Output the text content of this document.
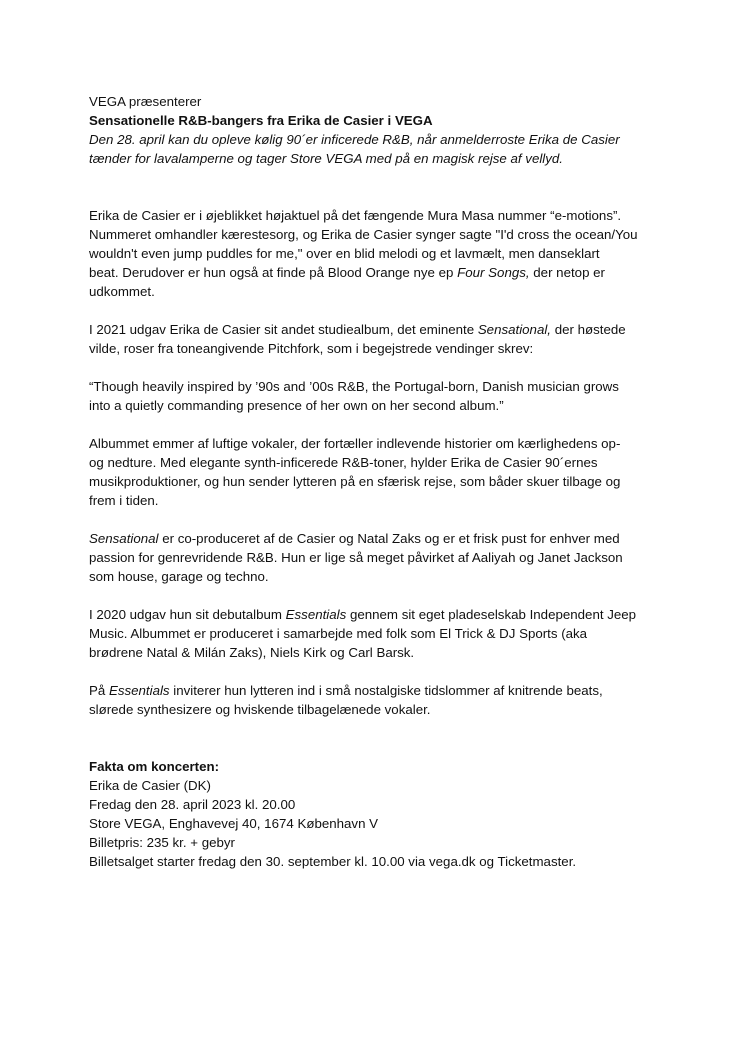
VEGA præsenterer
Sensationelle R&B-bangers fra Erika de Casier i VEGA
Den 28. april kan du opleve kølig 90´er inficerede R&B, når anmelderroste Erika de Casier
tænder for lavalamperne og tager Store VEGA med på en magisk rejse af vellyd.
Erika de Casier er i øjeblikket højaktuel på det fængende Mura Masa nummer “e-motions”.
Nummeret omhandler kærestesorg, og Erika de Casier synger sagte "I'd cross the ocean/You
wouldn't even jump puddles for me," over en blid melodi og et lavmælt, men danseklart
beat. Derudover er hun også at finde på Blood Orange nye ep Four Songs, der netop er
udkommet.
I 2021 udgav Erika de Casier sit andet studiealbum, det eminente Sensational, der høstede
vilde, roser fra toneangivende Pitchfork, som i begejstrede vendinger skrev:
“Though heavily inspired by ’90s and ’00s R&B, the Portugal-born, Danish musician grows
into a quietly commanding presence of her own on her second album.”
Albummet emmer af luftige vokaler, der fortæller indlevende historier om kærlighedens op-
og nedture. Med elegante synth-inficerede R&B-toner, hylder Erika de Casier 90´ernes
musikproduktioner, og hun sender lytteren på en sfærisk rejse, som båder skuer tilbage og
frem i tiden.
Sensational er co-produceret af de Casier og Natal Zaks og er et frisk pust for enhver med
passion for genrevridende R&B. Hun er lige så meget påvirket af Aaliyah og Janet Jackson
som house, garage og techno.
I 2020 udgav hun sit debutalbum Essentials gennem sit eget pladeselskab Independent Jeep
Music. Albummet er produceret i samarbejde med folk som El Trick & DJ Sports (aka
brødrene Natal & Milán Zaks), Niels Kirk og Carl Barsk.
På Essentials inviterer hun lytteren ind i små nostalgiske tidslommer af knitrende beats,
slørede synthesizere og hviskende tilbagelænede vokaler.
Fakta om koncerten:
Erika de Casier (DK)
Fredag den 28. april 2023 kl. 20.00
Store VEGA, Enghavevej 40, 1674 København V
Billetpris: 235 kr. + gebyr
Billetsalget starter fredag den 30. september kl. 10.00 via vega.dk og Ticketmaster.
